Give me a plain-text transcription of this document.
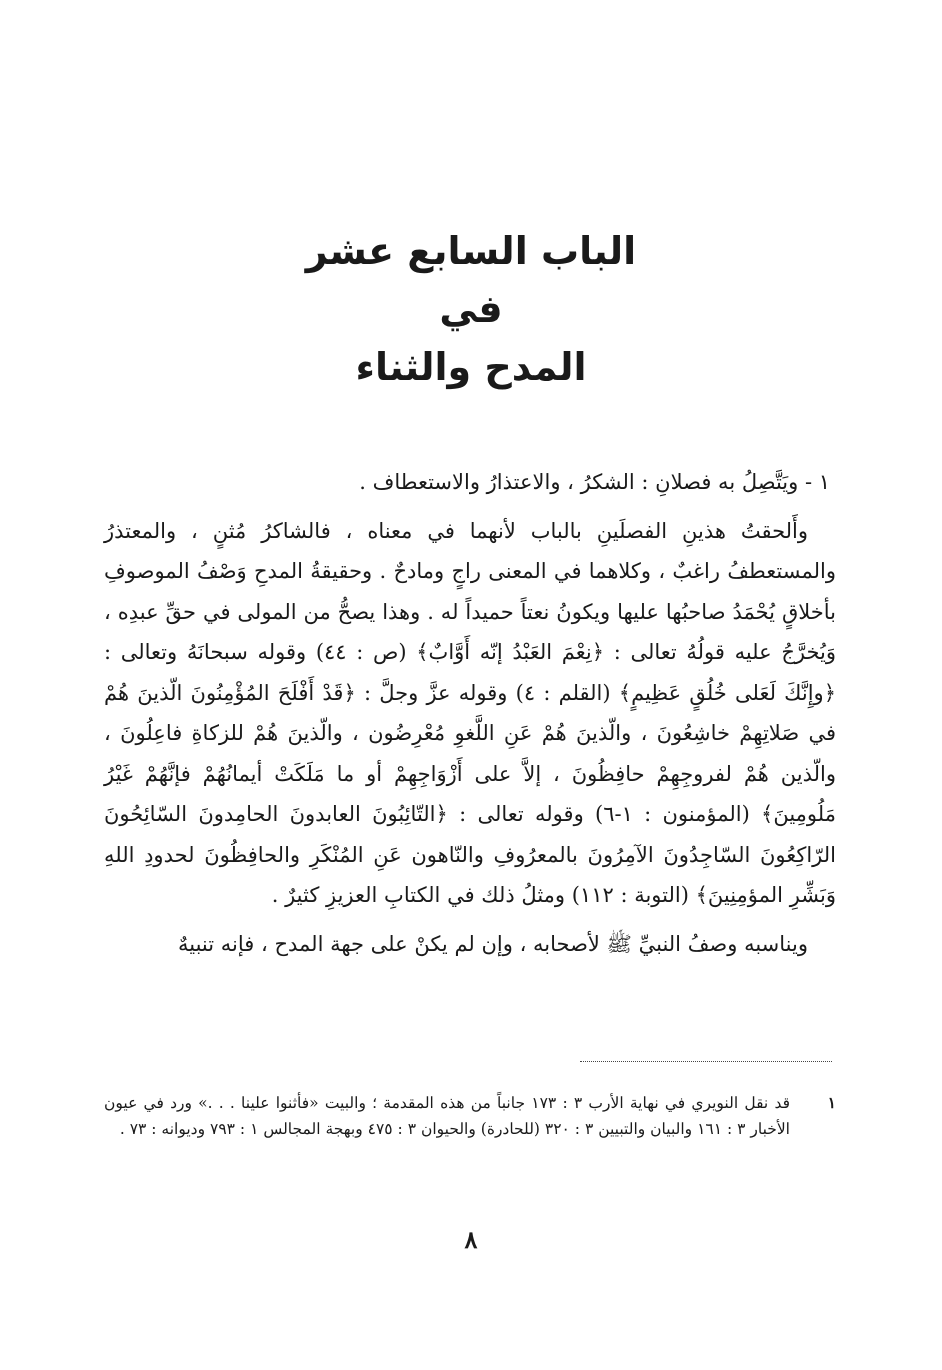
الباب السابع عشر

في

المدح والثناء

١ - ويَتَّصِلُ به فصلانِ : الشكرُ ، والاعتذارُ والاستعطاف .

وأَلحقتُ هذينِ الفصلَينِ بالباب لأنهما في معناه ، فالشاكرُ مُثنٍ ، والمعتذرُ والمستعطفُ راغبٌ ، وكلاهما في المعنى راجٍ ومادحٌ . وحقيقةُ المدحِ وَصْفُ الموصوفِ بأخلاقٍ يُحْمَدُ صاحبُها عليها ويكونُ نعتاً حميداً له . وهذا يصحُّ من المولى في حقِّ عبدِه ، وَيُخرَّجُ عليه قولُهُ تعالى : ﴿نِعْمَ العَبْدُ إنّه أَوَّابٌ﴾ (ص : ٤٤) وقوله سبحانَهُ وتعالى : ﴿وإِنَّكَ لَعَلى خُلُقٍ عَظِيمٍ﴾ (القلم : ٤) وقوله عزَّ وجلَّ : ﴿قَدْ أَفْلَحَ المُؤْمِنُونَ الّذينَ هُمْ في صَلاتِهِمْ خاشِعُونَ ، والّذينَ هُمْ عَنِ اللَّغوِ مُعْرِضُون ، والّذينَ هُمْ للزكاةِ فاعِلُونَ ، والّذين هُمْ لفروجِهِمْ حافِظُونَ ، إلاَّ على أَزْوَاجِهِمْ أو ما مَلَكَتْ أيمانُهُمْ فإنَّهُمْ غَيْرُ مَلُومِينَ﴾ (المؤمنون : ١-٦) وقوله تعالى : ﴿التّائِبُونَ العابدونَ الحامِدونَ السّائِحُونَ الرّاكِعُونَ السّاجِدُونَ الآمِرُونَ بالمعرُوفِ والنّاهون عَنِ المُنْكَرِ والحافِظُونَ لحدودِ اللهِ وَبَشِّرِ المؤمِنِينَ﴾ (التوبة : ١١٢) ومثلُ ذلك في الكتابِ العزيزِ كثيرٌ .

ويناسبه وصفُ النبيِّ ﷺ لأصحابه ، وإن لم يكنْ على جهة المدح ، فإنه تنبيهٌ

١
قد نقل النويري في نهاية الأرب ٣ : ١٧٣ جانباً من هذه المقدمة ؛ والبيت «فأثنوا علينا . . .» ورد في عيون الأخبار ٣ : ١٦١ والبيان والتبيين ٣ : ٣٢٠ (للحادرة) والحيوان ٣ : ٤٧٥ وبهجة المجالس ١ : ٧٩٣ وديوانه : ٧٣ .
٨
